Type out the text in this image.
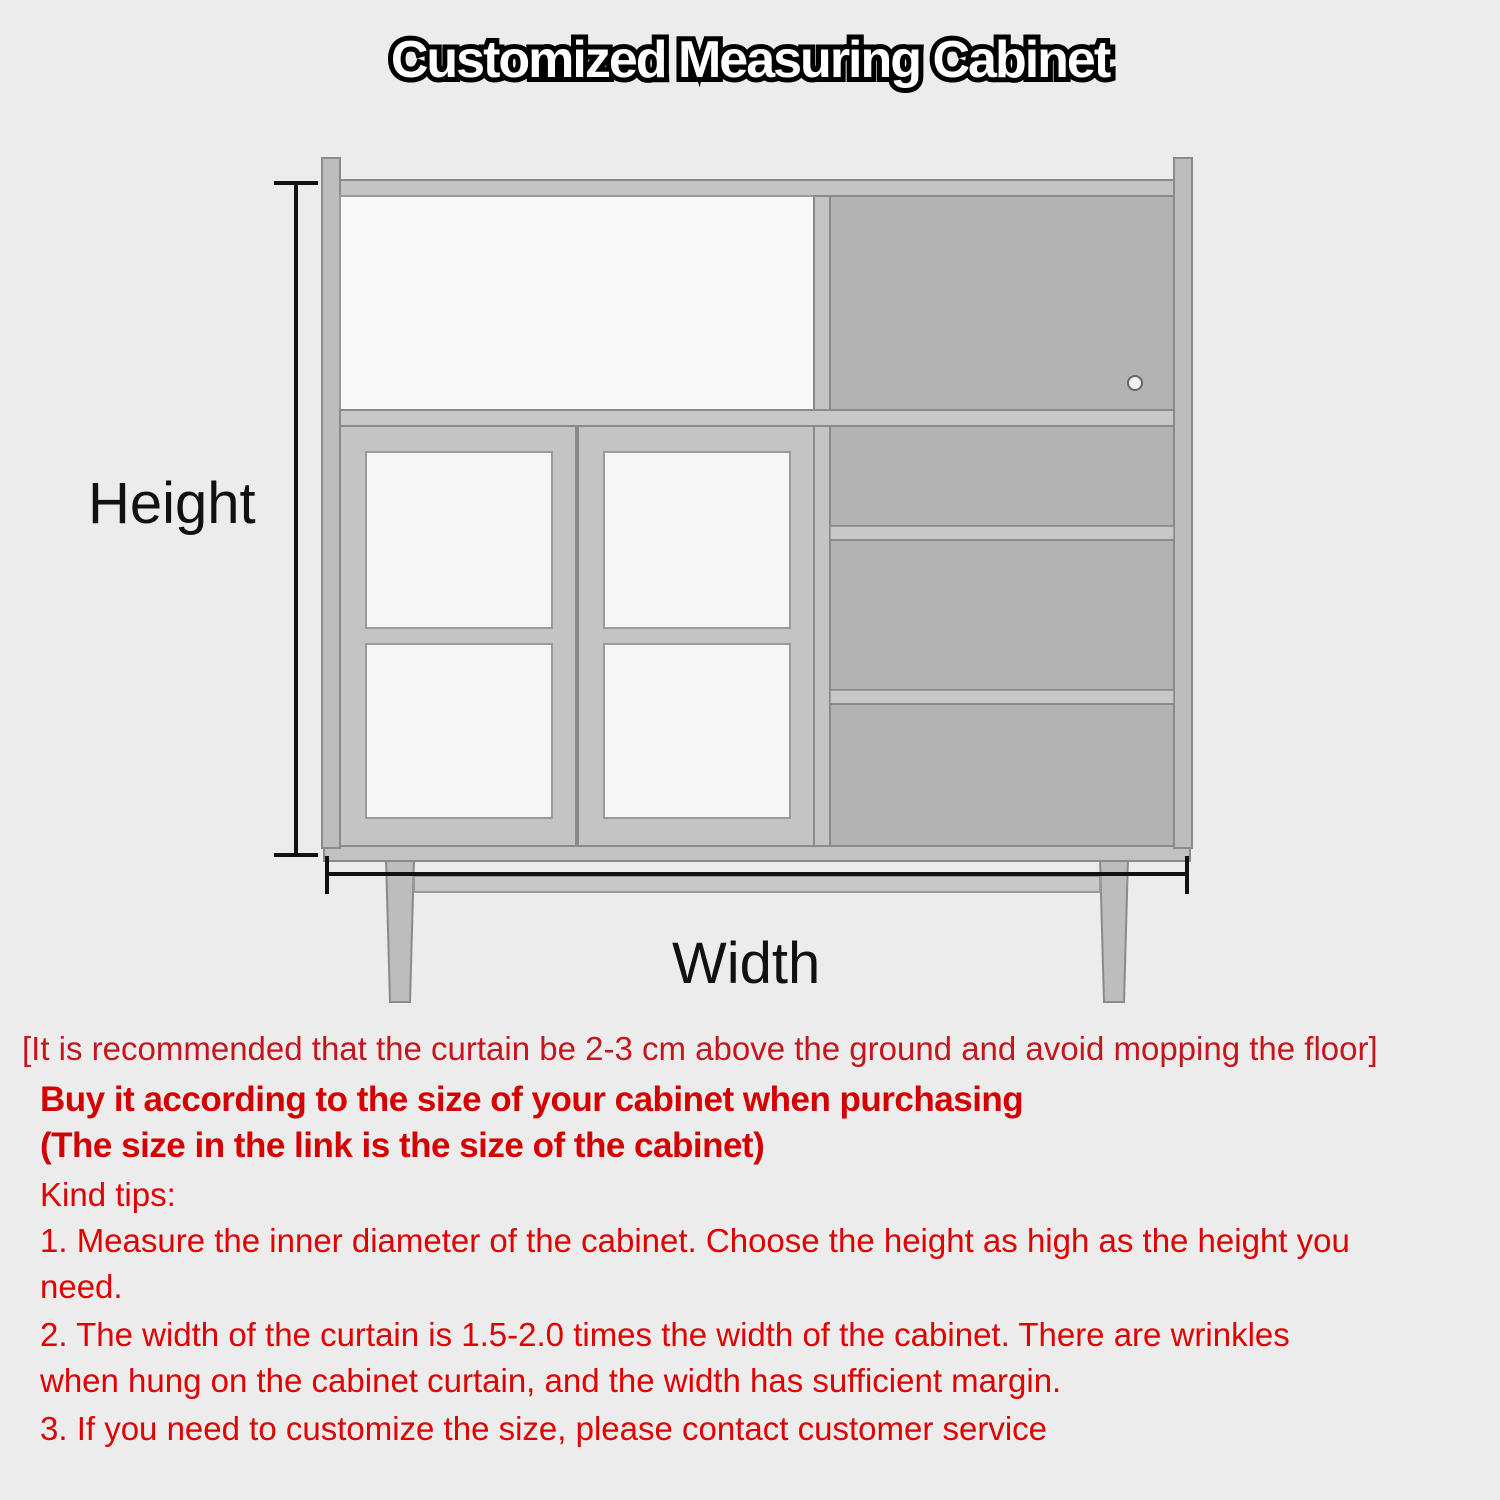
Customized Measuring Cabinet
Height
Width
[It is recommended that the curtain be 2-3 cm above the ground and avoid mopping the floor]
Buy it according to the size of your cabinet when purchasing
(The size in the link is the size of the cabinet)
Kind tips:
1. Measure the inner diameter of the cabinet. Choose the height as high as the height you
need.
2. The width of the curtain is 1.5-2.0 times the width of the cabinet. There are wrinkles
when hung on the cabinet curtain, and the width has sufficient margin.
3. If you need to customize the size, please contact customer service
